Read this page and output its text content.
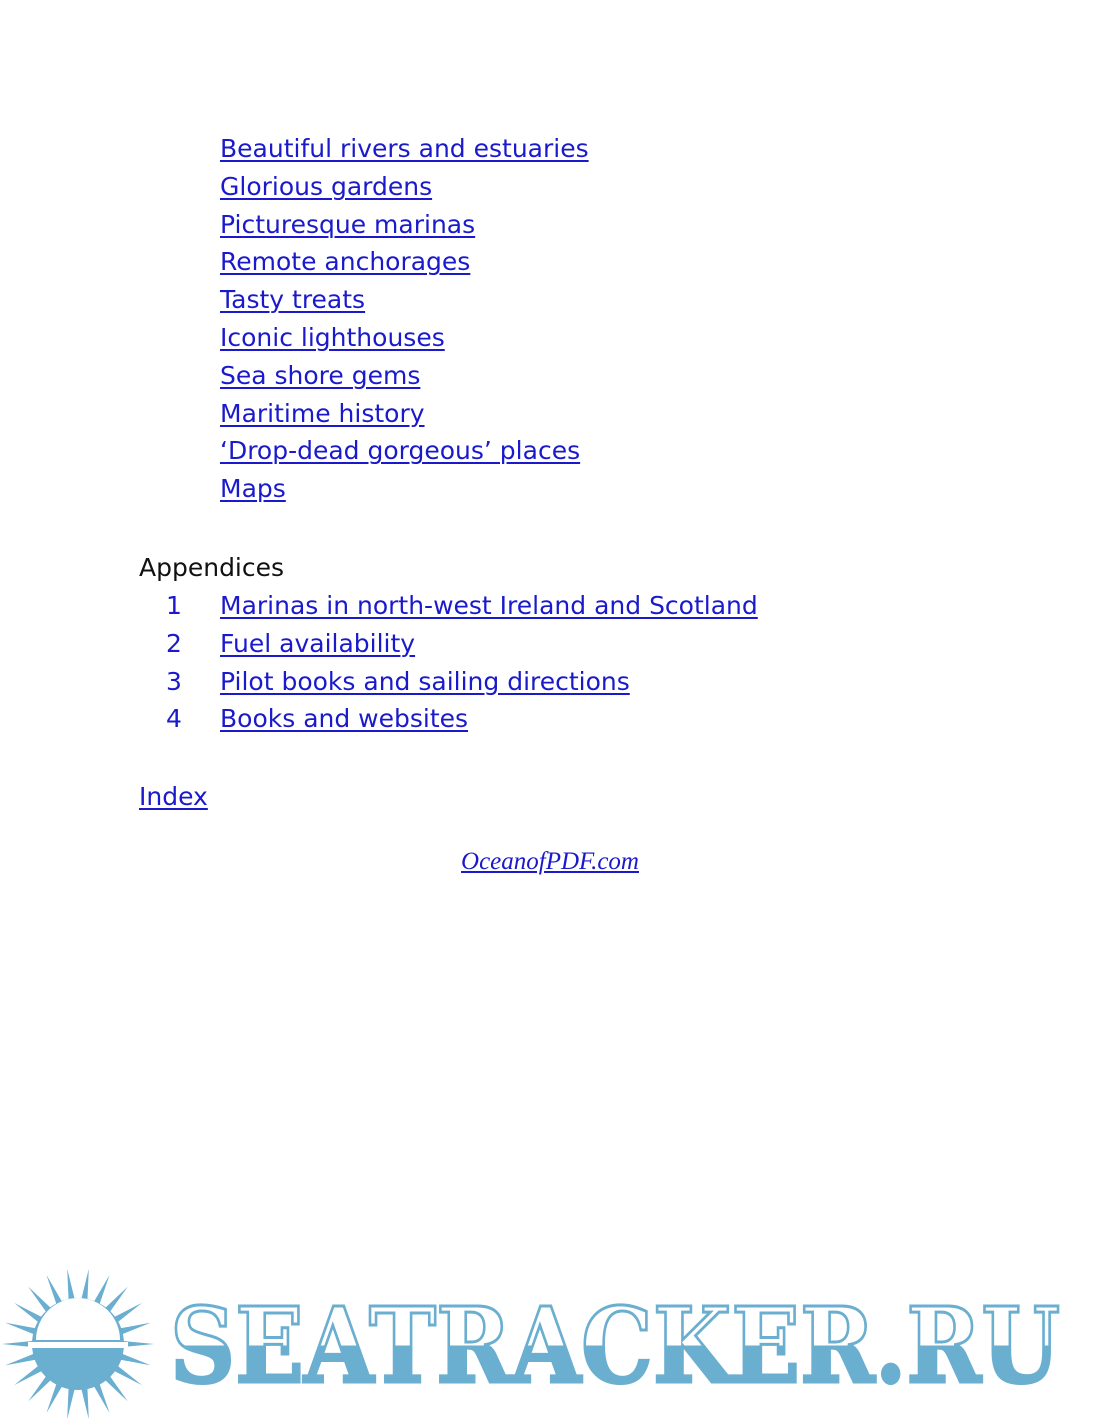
Beautiful rivers and estuaries
Glorious gardens
Picturesque marinas
Remote anchorages
Tasty treats
Iconic lighthouses
Sea shore gems
Maritime history
‘Drop-dead gorgeous’ places
Maps
Appendices
1	Marinas in north-west Ireland and Scotland
2	Fuel availability
3	Pilot books and sailing directions
4	Books and websites
Index
OceanofPDF.com
SEATRACKER.RU
